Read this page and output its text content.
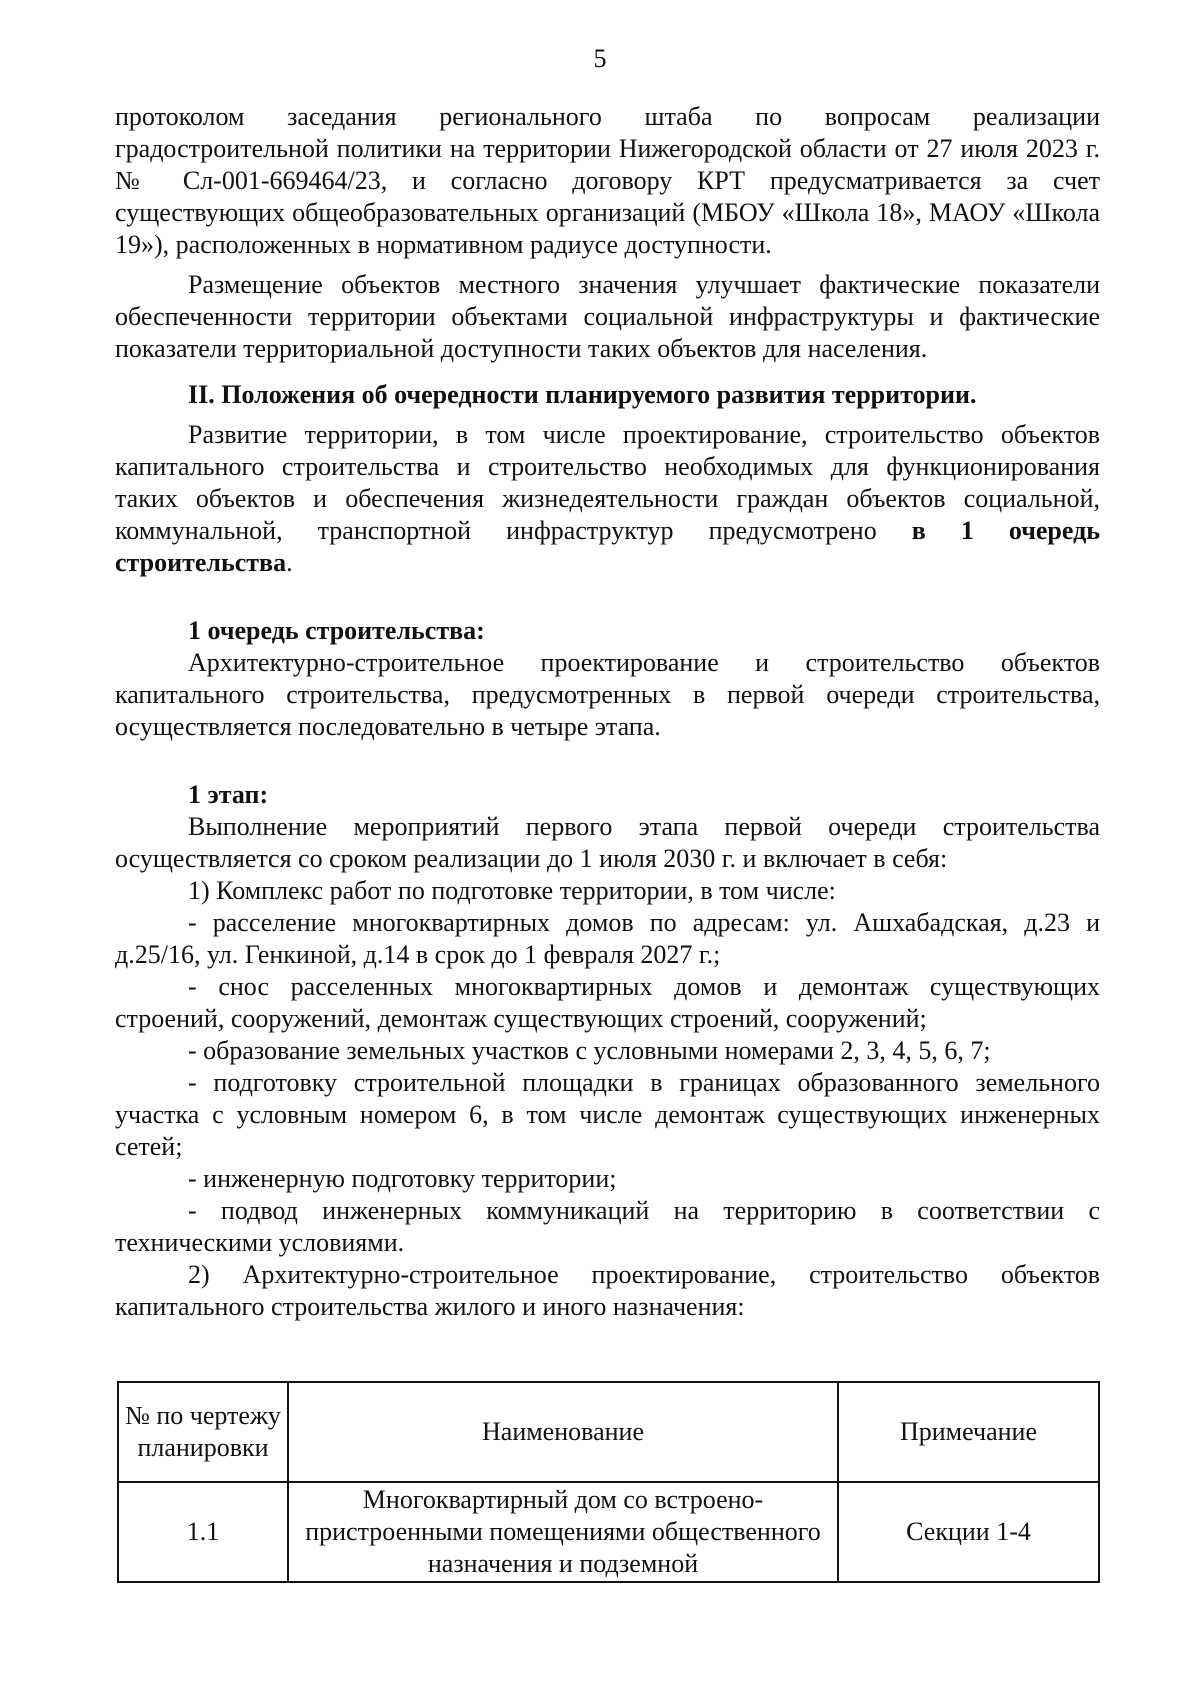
5

протоколом заседания регионального штаба по вопросам реализации градостроительной политики на территории Нижегородской области от 27 июля 2023 г. № Сл-001-669464/23, и согласно договору КРТ предусматривается за счет существующих общеобразовательных организаций (МБОУ «Школа 18», МАОУ «Школа 19»), расположенных в нормативном радиусе доступности.

Размещение объектов местного значения улучшает фактические показатели обеспеченности территории объектами социальной инфраструктуры и фактические показатели территориальной доступности таких объектов для населения.

II. Положения об очередности планируемого развития территории.

Развитие территории, в том числе проектирование, строительство объектов капитального строительства и строительство необходимых для функционирования таких объектов и обеспечения жизнедеятельности граждан объектов социальной, коммунальной, транспортной инфраструктур предусмотрено в 1 очередь строительства.

1 очередь строительства:

Архитектурно-строительное проектирование и строительство объектов капитального строительства, предусмотренных в первой очереди строительства, осуществляется последовательно в четыре этапа.

1 этап:

Выполнение мероприятий первого этапа первой очереди строительства осуществляется со сроком реализации до 1 июля 2030 г. и включает в себя:

1) Комплекс работ по подготовке территории, в том числе:

- расселение многоквартирных домов по адресам: ул. Ашхабадская, д.23 и д.25/16, ул. Генкиной, д.14 в срок до 1 февраля 2027 г.;

- снос расселенных многоквартирных домов и демонтаж существующих строений, сооружений, демонтаж существующих строений, сооружений;

- образование земельных участков с условными номерами 2, 3, 4, 5, 6, 7;

- подготовку строительной площадки в границах образованного земельного участка с условным номером 6, в том числе демонтаж существующих инженерных сетей;

- инженерную подготовку территории;

- подвод инженерных коммуникаций на территорию в соответствии с техническими условиями.

2) Архитектурно-строительное проектирование, строительство объектов капитального строительства жилого и иного назначения:

№ по чертежу планировки	Наименование	Примечание
1.1	Многоквартирный дом со встроено-пристроенными помещениями общественного назначения и подземной	Секции 1-4
